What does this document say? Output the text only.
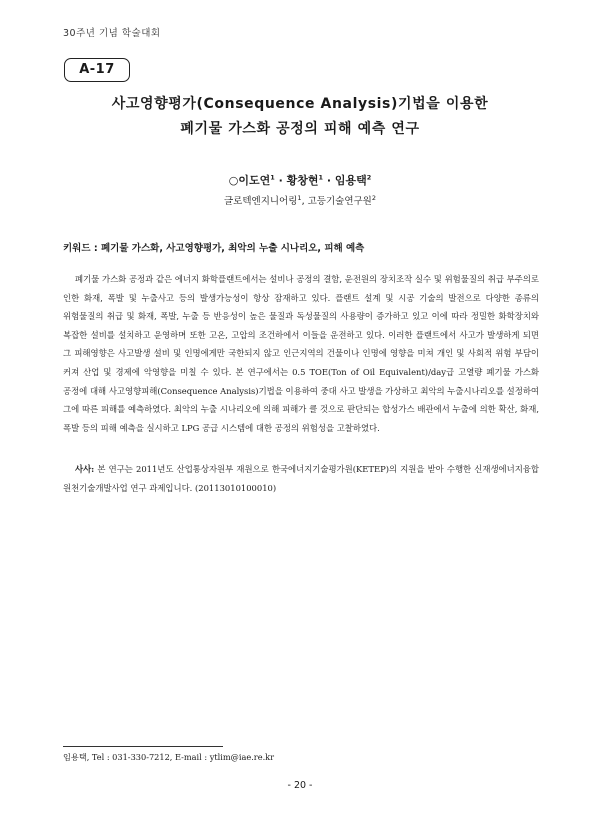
30주년 기념 학술대회
A-17
사고영향평가(Consequence Analysis)기법을 이용한
폐기물 가스화 공정의 피해 예측 연구
○이도연$^1$ · 황창현$^1$ · 임용택$^2$
글로텍엔지니어링$^1$, 고등기술연구원$^2$
키워드 : 폐기물 가스화, 사고영향평가, 최악의 누출 시나리오, 피해 예측

폐기물 가스화 공정과 같은 에너지 화학플랜트에서는 설비나 공정의 결함, 운전원의 장치조작 실수 및 위험물질의 취급 부주의로 인한 화재, 폭발 및 누출사고 등의 발생가능성이 항상 잠재하고 있다. 플랜트 설계 및 시공 기술의 발전으로 다양한 종류의 위험물질의 취급 및 화재, 폭발, 누출 등 반응성이 높은 물질과 독성물질의 사용량이 증가하고 있고 이에 따라 정밀한 화학장치와 복잡한 설비를 설치하고 운영하며 또한 고온, 고압의 조건하에서 이들을 운전하고 있다. 이러한 플랜트에서 사고가 발생하게 되면 그 피해영향은 사고발생 설비 및 인명에게만 국한되지 않고 인근지역의 건물이나 인명에 영향을 미쳐 개인 및 사회적 위험 부담이 커져 산업 및 경제에 악영향을 미칠 수 있다. 본 연구에서는 0.5 TOE(Ton of Oil Equivalent)/day급 고열량 폐기물 가스화 공정에 대해 사고영향피해(Consequence Analysis)기법을 이용하여 중대 사고 발생을 가상하고 최악의 누출시나리오를 설정하여 그에 따른 피해를 예측하였다. 최악의 누출 시나리오에 의해 피해가 클 것으로 판단되는 합성가스 배관에서 누출에 의한 확산, 화재, 폭발 등의 피해 예측을 실시하고 LPG 공급 시스템에 대한 공정의 위험성을 고찰하였다.

사사: 본 연구는 2011년도 산업통상자원부 재원으로 한국에너지기술평가원(KETEP)의 지원을 받아 수행한 신재생에너지융합원천기술개발사업 연구 과제입니다. (20113010100010)

임용택, Tel : 031-330-7212, E-mail : ytlim@iae.re.kr
- 20 -
